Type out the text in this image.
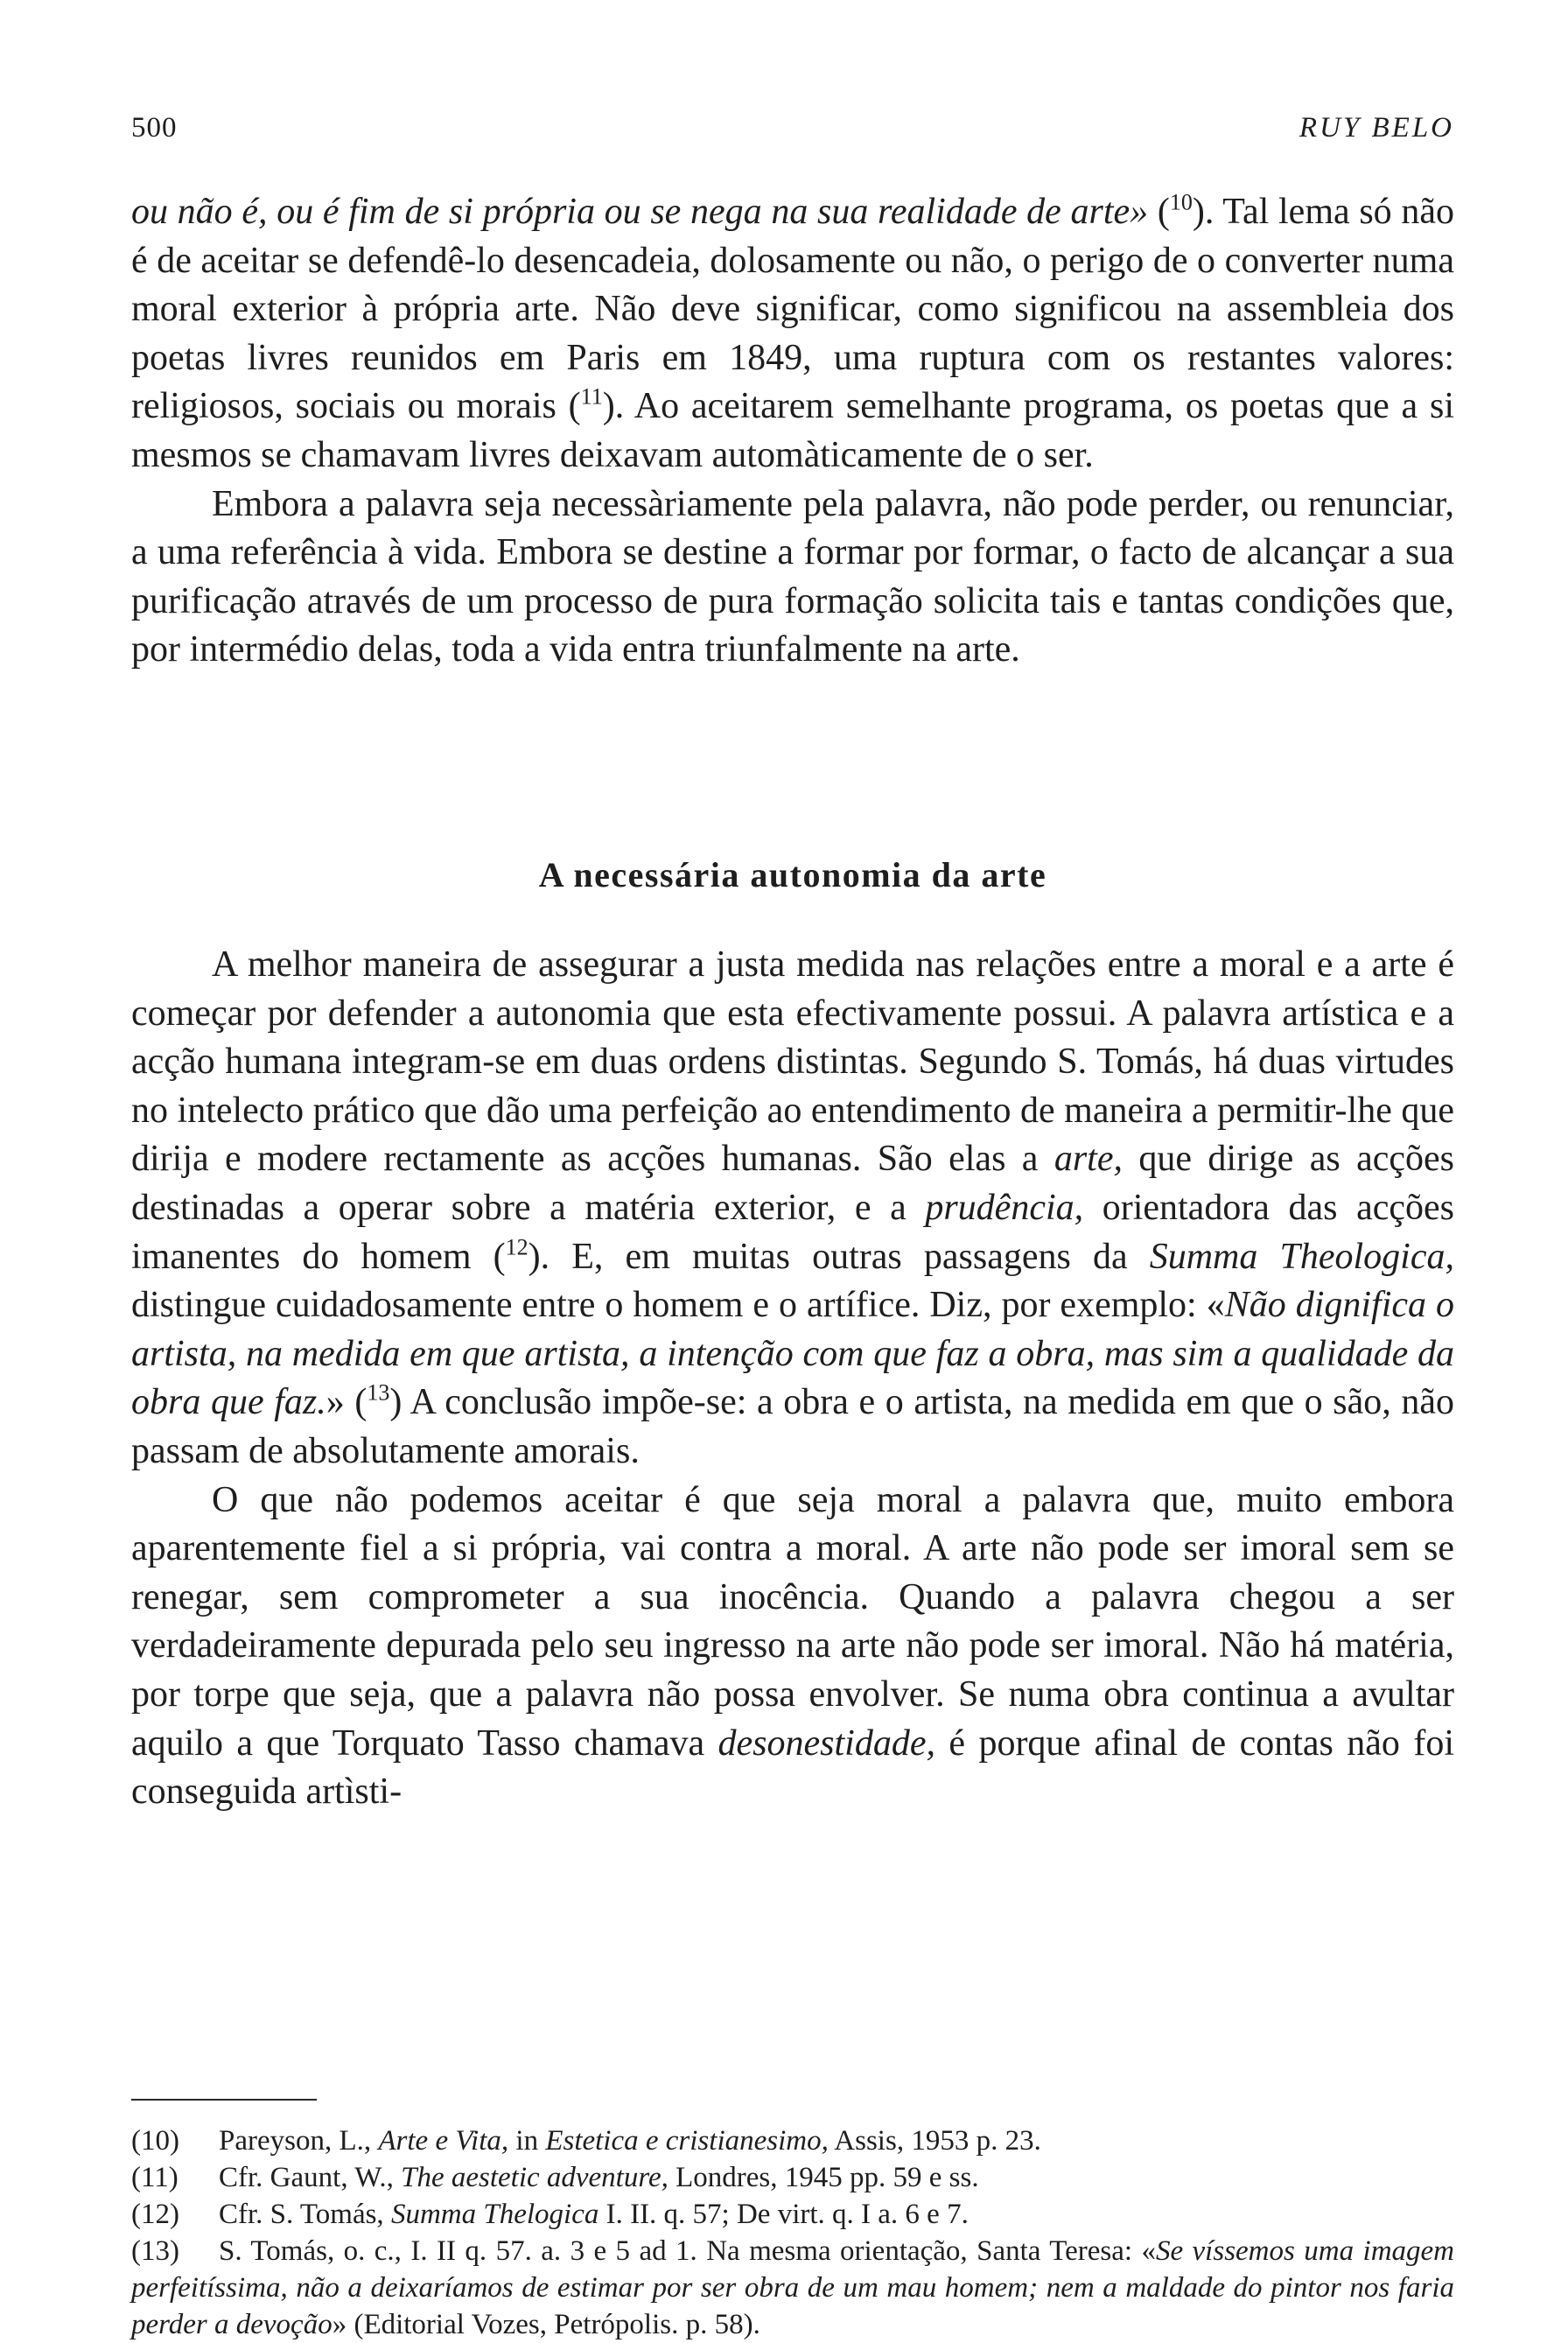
500	RUY BELO

ou não é, ou é fim de si própria ou se nega na sua realidade de arte» ($^{10}$). Tal lema só não é de aceitar se defendê-lo desencadeia, dolosamente ou não, o perigo de o converter numa moral exterior à própria arte. Não deve significar, como significou na assembleia dos poetas livres reunidos em Paris em 1849, uma ruptura com os restantes valores: religiosos, sociais ou morais ($^{11}$). Ao aceitarem semelhante programa, os poetas que a si mesmos se chamavam livres deixavam automàticamente de o ser.

Embora a palavra seja necessàriamente pela palavra, não pode perder, ou renunciar, a uma referência à vida. Embora se destine a formar por formar, o facto de alcançar a sua purificação através de um processo de pura formação solicita tais e tantas condições que, por intermédio delas, toda a vida entra triunfalmente na arte.

A necessária autonomia da arte

A melhor maneira de assegurar a justa medida nas relações entre a moral e a arte é começar por defender a autonomia que esta efectivamente possui. A palavra artística e a acção humana integram-se em duas ordens distintas. Segundo S. Tomás, há duas virtudes no intelecto prático que dão uma perfeição ao entendimento de maneira a permitir-lhe que dirija e modere rectamente as acções humanas. São elas a arte, que dirige as acções destinadas a operar sobre a matéria exterior, e a prudência, orientadora das acções imanentes do homem ($^{12}$). E, em muitas outras passagens da Summa Theologica, distingue cuidadosamente entre o homem e o artífice. Diz, por exemplo: «Não dignifica o artista, na medida em que artista, a intenção com que faz a obra, mas sim a qualidade da obra que faz.» ($^{13}$) A conclusão impõe-se: a obra e o artista, na medida em que o são, não passam de absolutamente amorais.

O que não podemos aceitar é que seja moral a palavra que, muito embora aparentemente fiel a si própria, vai contra a moral. A arte não pode ser imoral sem se renegar, sem comprometer a sua inocência. Quando a palavra chegou a ser verdadeiramente depurada pelo seu ingresso na arte não pode ser imoral. Não há matéria, por torpe que seja, que a palavra não possa envolver. Se numa obra continua a avultar aquilo a que Torquato Tasso chamava desonestidade, é porque afinal de contas não foi conseguida artìsti-

(10) Pareyson, L., Arte e Vita, in Estetica e cristianesimo, Assis, 1953 p. 23.

(11) Cfr. Gaunt, W., The aestetic adventure, Londres, 1945 pp. 59 e ss.

(12) Cfr. S. Tomás, Summa Thelogica I. II. q. 57; De virt. q. I a. 6 e 7.

(13) S. Tomás, o. c., I. II q. 57. a. 3 e 5 ad 1. Na mesma orientação, Santa Teresa: «Se víssemos uma imagem perfeitíssima, não a deixaríamos de estimar por ser obra de um mau homem; nem a maldade do pintor nos faria perder a devoção» (Editorial Vozes, Petrópolis. p. 58).
